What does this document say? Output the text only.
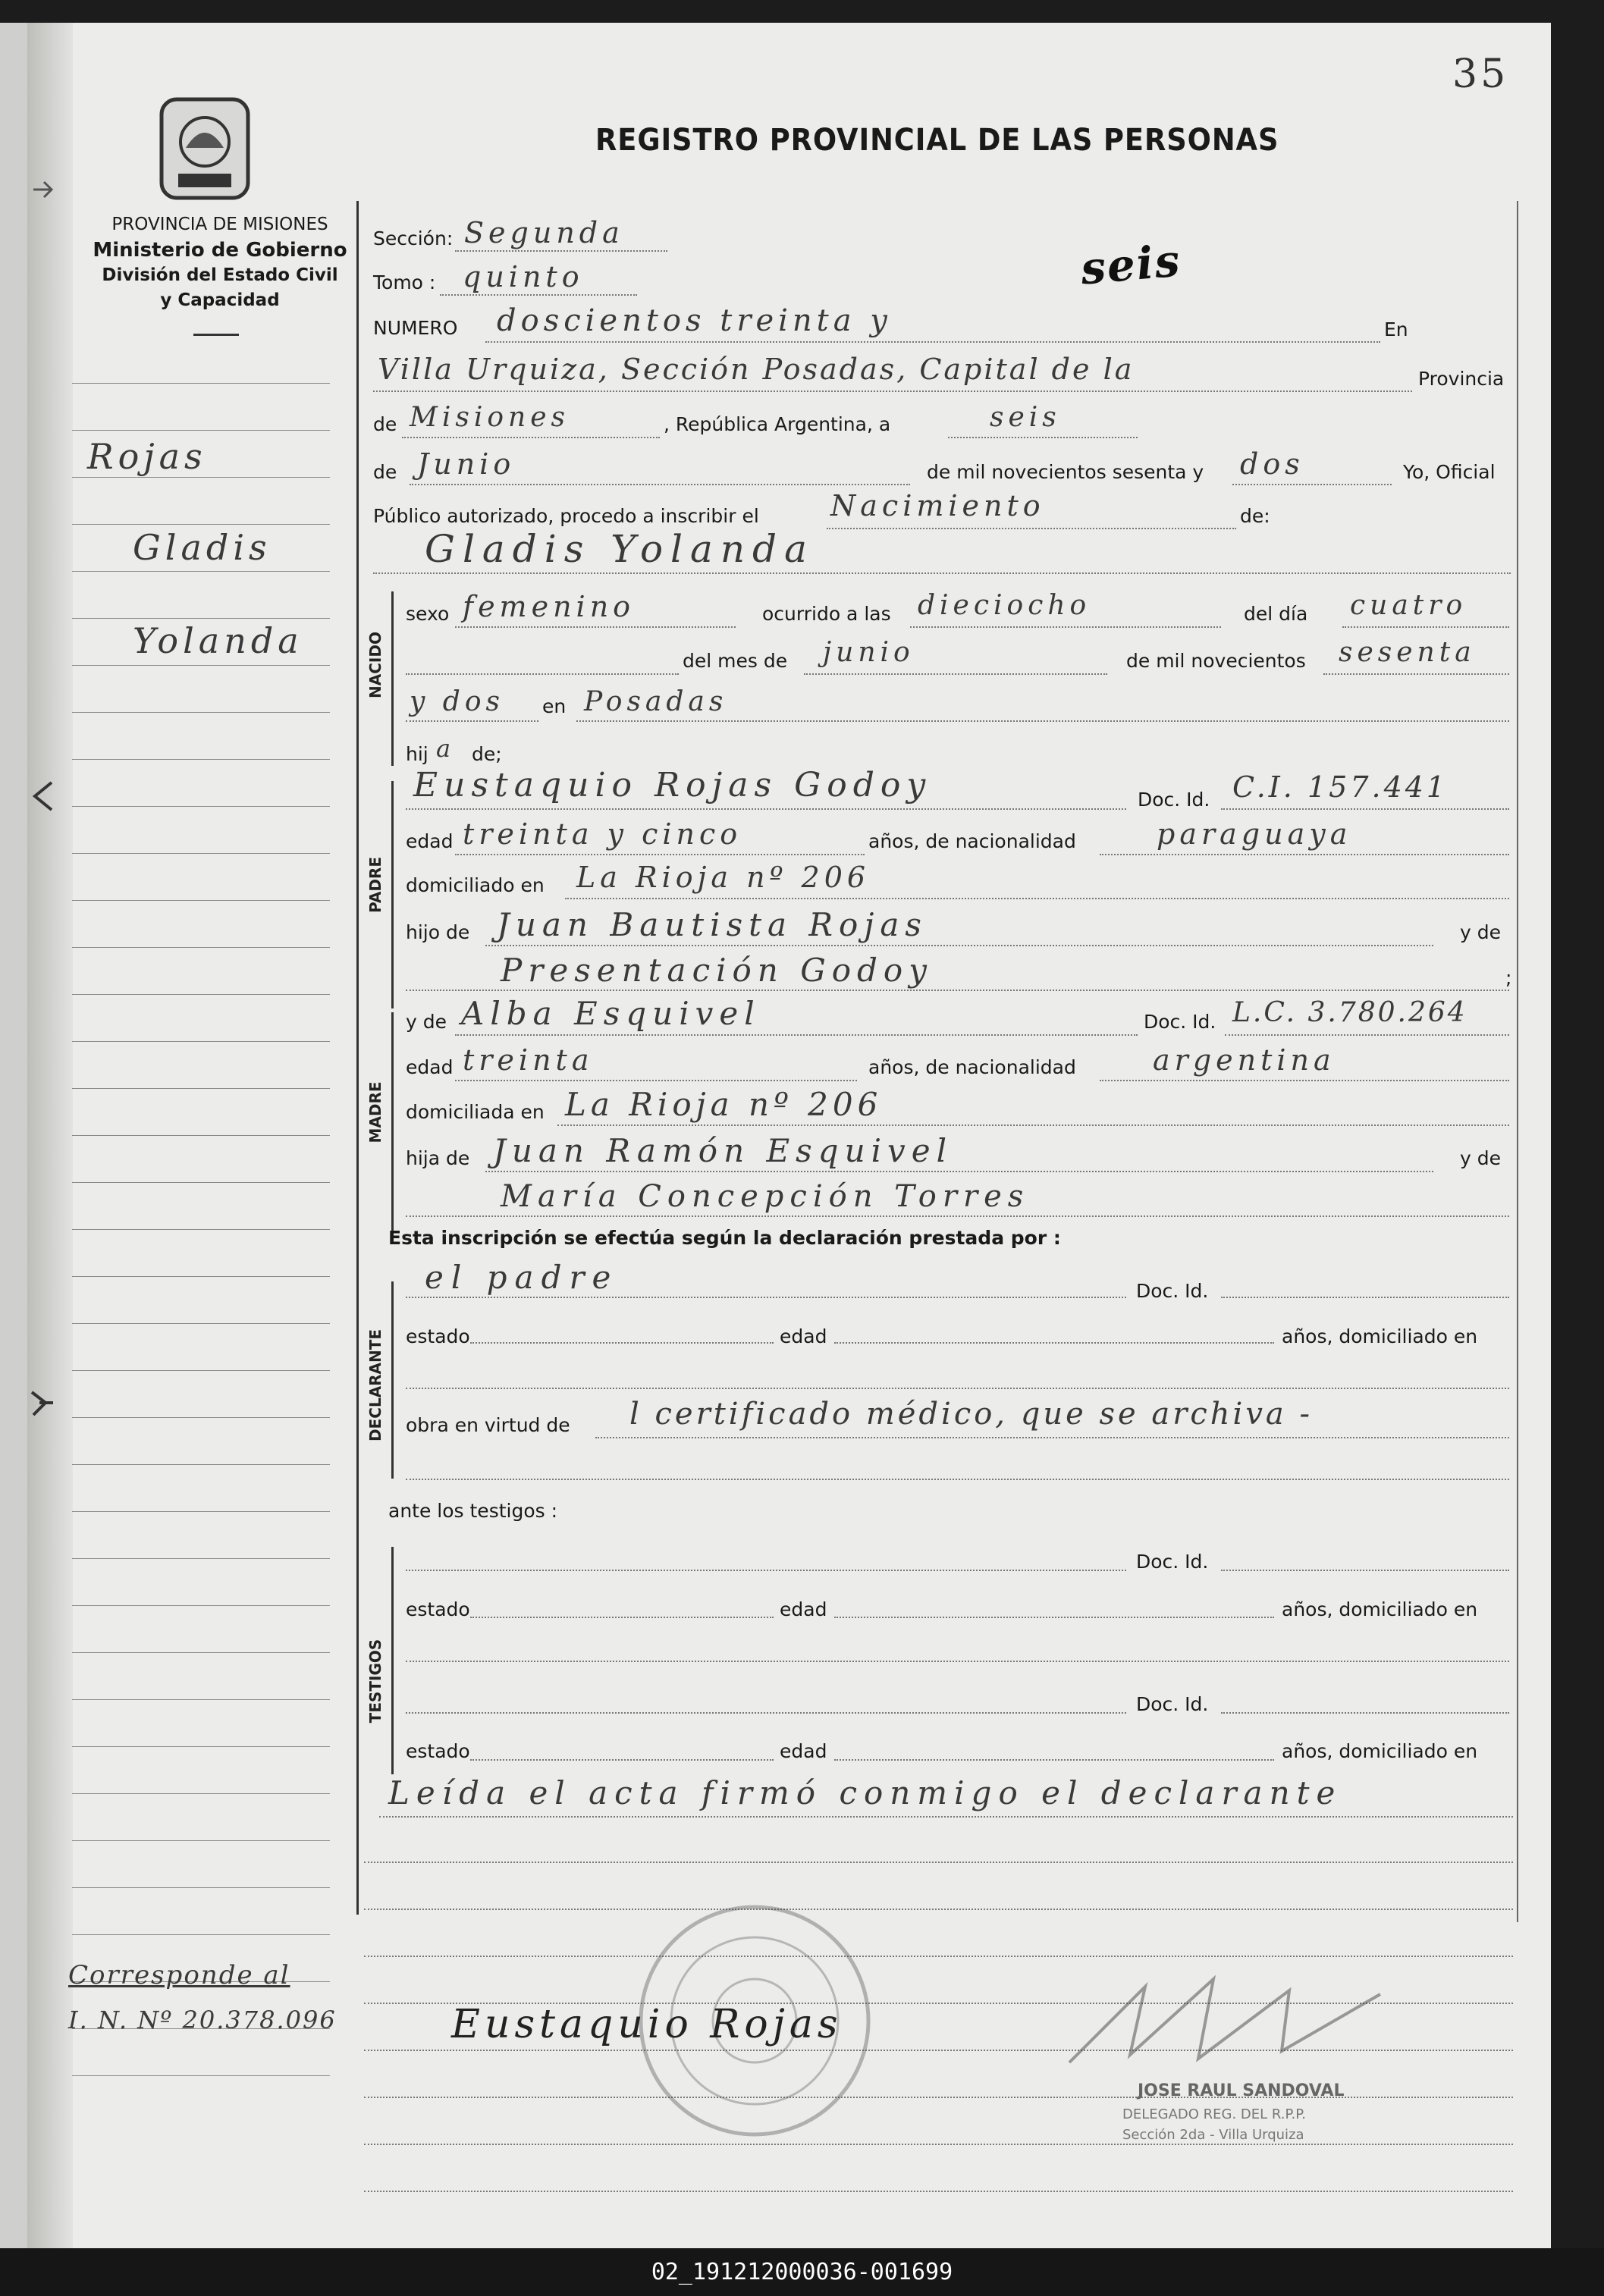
35
PROVINCIA DE MISIONES
Ministerio de Gobierno
División del Estado Civil
y Capacidad
REGISTRO PROVINCIAL DE LAS PERSONAS
Rojas
Gladis
Yolanda
Corresponde al
I. N. Nº 20.378.096
NACIDO
PADRE
MADRE
DECLARANTE
TESTIGOS
Sección: Segunda
Tomo : quinto	seis
NUMERO doscientos treinta y	En
Villa Urquiza, Sección Posadas, Capital de la	Provincia
de Misiones	, República Argentina, a	seis
de Junio	de mil novecientos sesenta y dos	Yo, Oficial
Público autorizado, procedo a inscribir el Nacimiento	de:
Gladis Yolanda
sexo femenino	ocurrido a las dieciocho	del día cuatro
del mes de junio	de mil novecientos sesenta
y dos en Posadas
hij a de;
Eustaquio Rojas Godoy	Doc. Id. C.I. 157.441
edad treinta y cinco	años, de nacionalidad	paraguaya
domiciliado en La Rioja nº 206
hijo de Juan Bautista Rojas	y de
Presentación Godoy	;
y de Alba Esquivel	Doc. Id. L.C. 3.780.264
edad treinta	años, de nacionalidad	argentina
domiciliada en La Rioja nº 206
hija de Juan Ramón Esquivel	y de
María Concepción Torres
Esta inscripción se efectúa según la declaración prestada por :
el padre	Doc. Id.
estado	edad	años, domiciliado en
obra en virtud de l certificado médico, que se archiva -
ante los testigos :
Doc. Id.
estado	edad	años, domiciliado en
Doc. Id.
estado	edad	años, domiciliado en
Leída el acta firmó conmigo el declarante
Eustaquio Rojas
JOSE RAUL SANDOVAL
DELEGADO REG. DEL R.P.P.
Sección 2da - Villa Urquiza
02_191212000036-001699
